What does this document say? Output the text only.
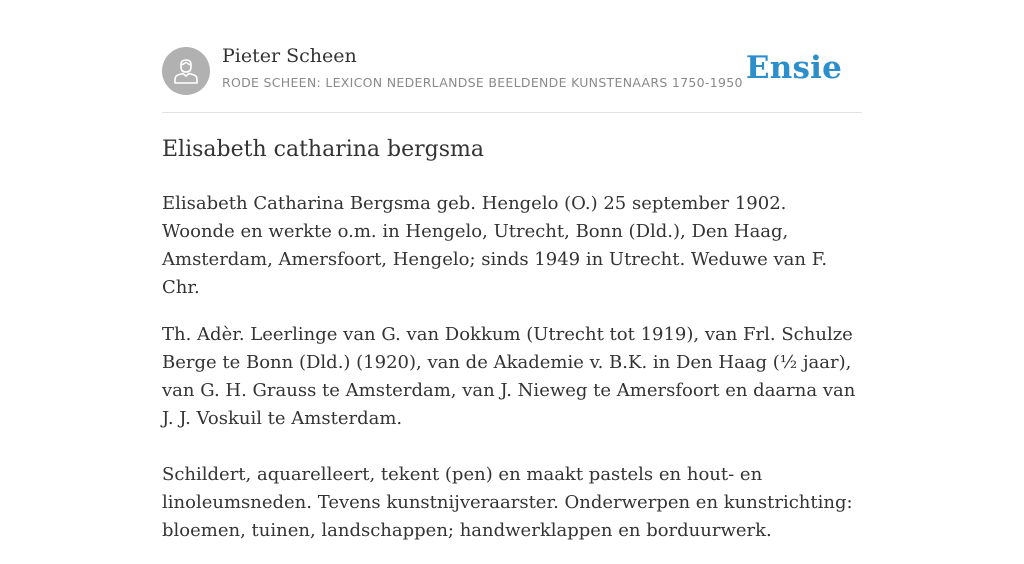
Pieter Scheen
RODE SCHEEN: LEXICON NEDERLANDSE BEELDENDE KUNSTENAARS 1750-1950 Ensie
Elisabeth catharina bergsma

Elisabeth Catharina Bergsma geb. Hengelo (O.) 25 september 1902. Woonde en werkte o.m. in Hengelo, Utrecht, Bonn (Dld.), Den Haag, Amsterdam, Amersfoort, Hengelo; sinds 1949 in Utrecht. Weduwe van F. Chr.

Th. Adèr. Leerlinge van G. van Dokkum (Utrecht tot 1919), van Frl. Schulze Berge te Bonn (Dld.) (1920), van de Akademie v. B.K. in Den Haag (½ jaar), van G. H. Grauss te Amsterdam, van J. Nieweg te Amersfoort en daarna van J. J. Voskuil te Amsterdam.

Schildert, aquarelleert, tekent (pen) en maakt pastels en hout- en linoleumsneden. Tevens kunstnijveraarster. Onderwerpen en kunstrichting: bloemen, tuinen, landschappen; handwerklappen en borduurwerk.
